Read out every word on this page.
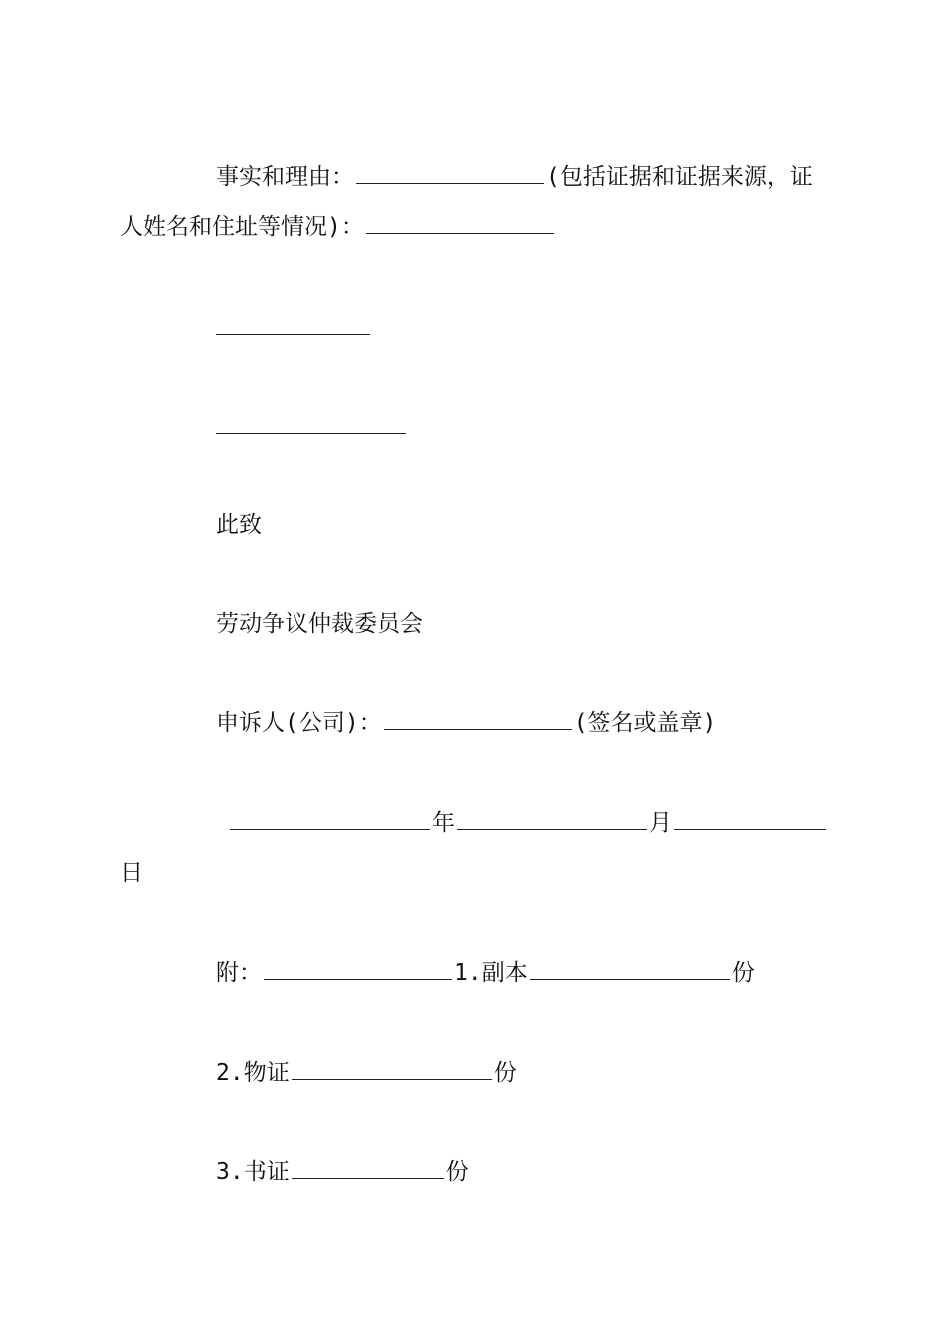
事实和理由：	(包括证据和证据来源，证
人姓名和住址等情况)：
此致
劳动争议仲裁委员会
申诉人(公司)：	(签名或盖章)
年	月
日
附：	1.副本	份
2.物证	份
3.书证	份
